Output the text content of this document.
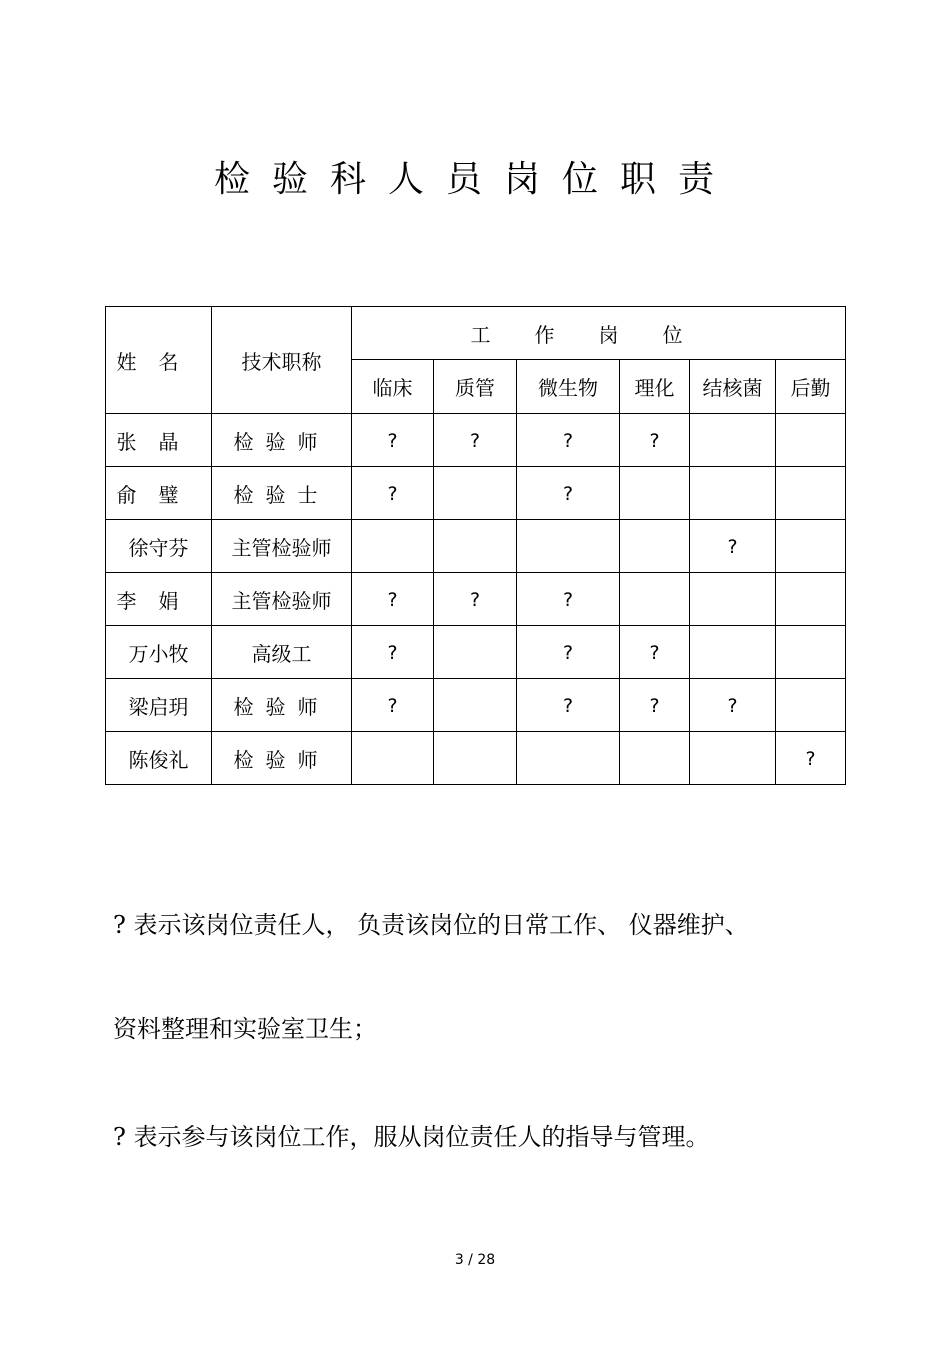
检验科人员岗位职责
姓名	技术职称	工作岗位					
		临床	质管	微生物	理化	结核菌	后勤
张晶	检验师	?	?	?	?		
俞璧	检验士	?		?			
徐守芬	主管检验师					?	
李娟	主管检验师	?	?	?			
万小牧	高级工	?		?	?		
梁启玥	检验师	?		?	?	?	
陈俊礼	检验师						?
? 表示该岗位责任人， 负责该岗位的日常工作、 仪器维护、
资料整理和实验室卫生；
? 表示参与该岗位工作，服从岗位责任人的指导与管理。
3 / 28
